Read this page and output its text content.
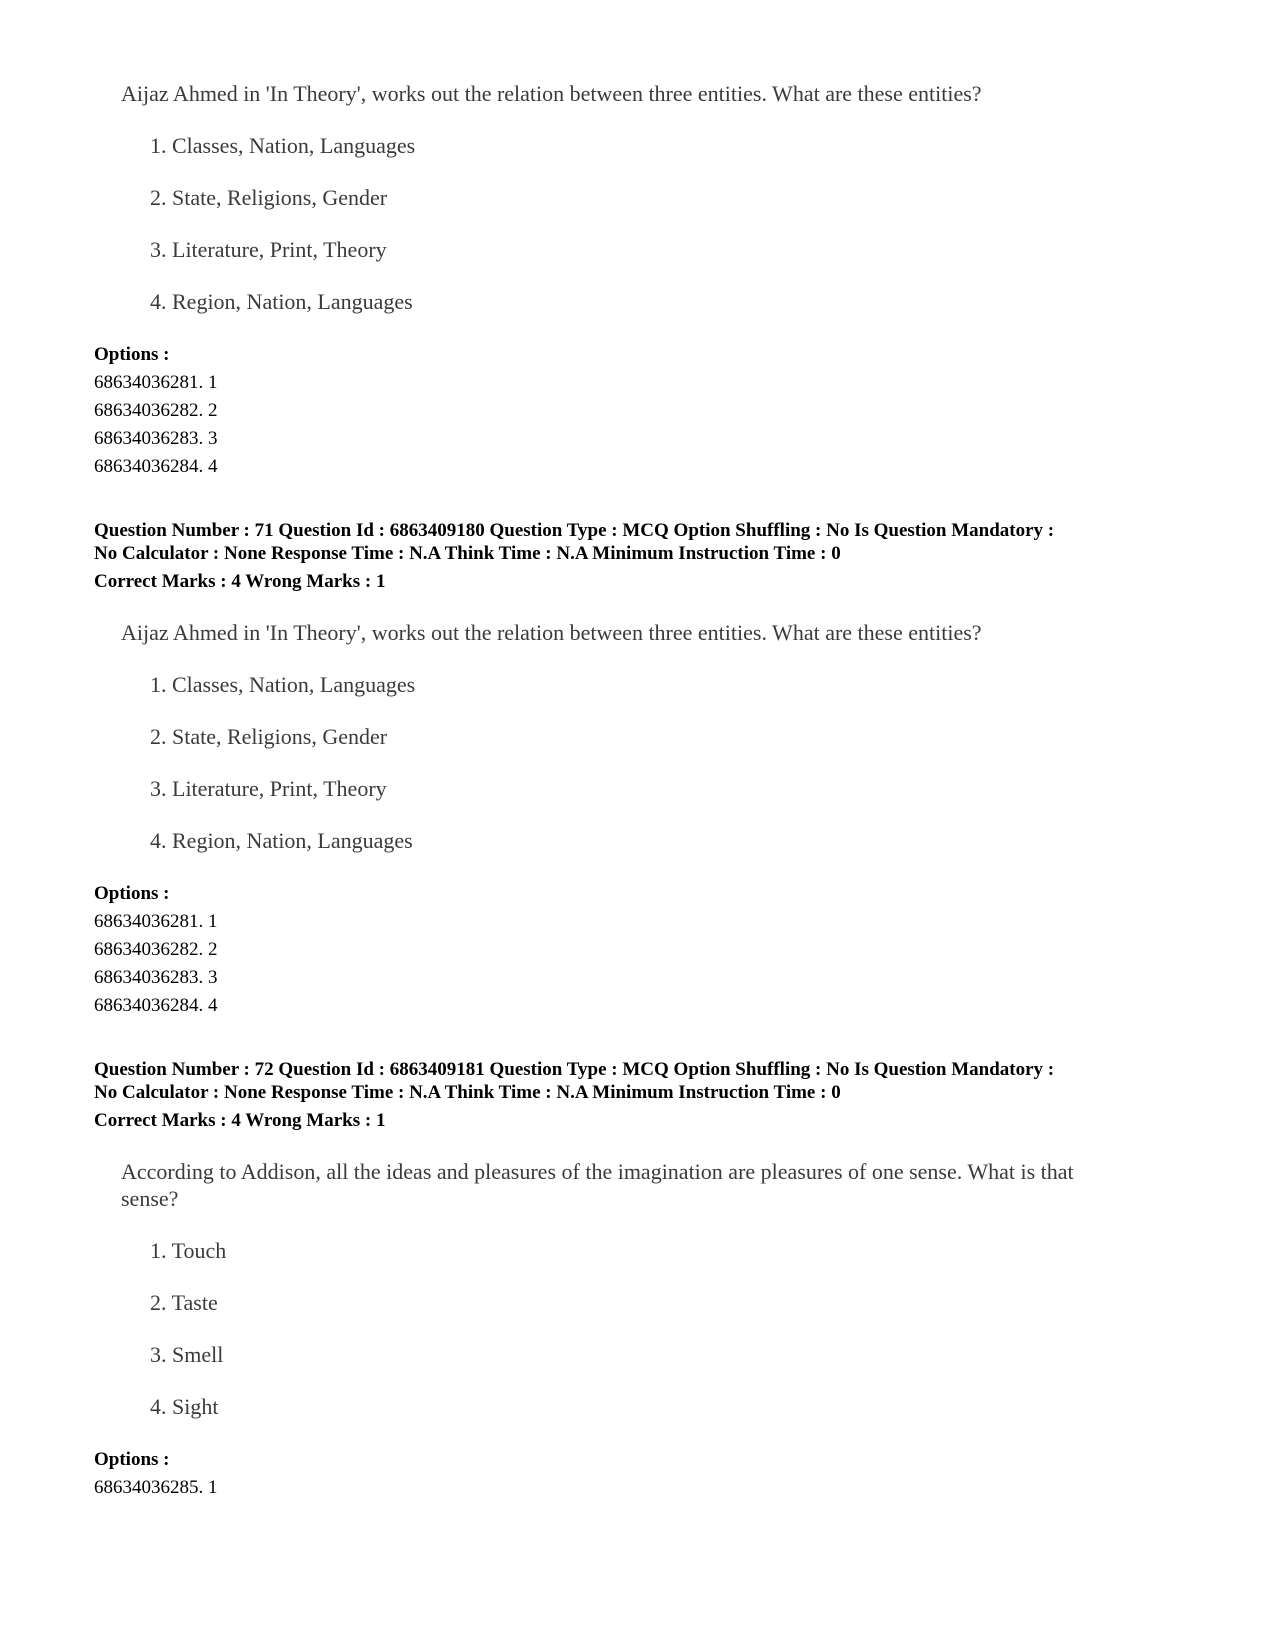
Aijaz Ahmed in 'In Theory', works out the relation between three entities. What are these entities?
1. Classes, Nation, Languages
2. State, Religions, Gender
3. Literature, Print, Theory
4. Region, Nation, Languages
Options :
68634036281. 1
68634036282. 2
68634036283. 3
68634036284. 4
Question Number : 71 Question Id : 6863409180 Question Type : MCQ Option Shuffling : No Is Question Mandatory :
No Calculator : None Response Time : N.A Think Time : N.A Minimum Instruction Time : 0
Correct Marks : 4 Wrong Marks : 1
Aijaz Ahmed in 'In Theory', works out the relation between three entities. What are these entities?
1. Classes, Nation, Languages
2. State, Religions, Gender
3. Literature, Print, Theory
4. Region, Nation, Languages
Options :
68634036281. 1
68634036282. 2
68634036283. 3
68634036284. 4
Question Number : 72 Question Id : 6863409181 Question Type : MCQ Option Shuffling : No Is Question Mandatory :
No Calculator : None Response Time : N.A Think Time : N.A Minimum Instruction Time : 0
Correct Marks : 4 Wrong Marks : 1
According to Addison, all the ideas and pleasures of the imagination are pleasures of one sense. What is that
sense?
1. Touch
2. Taste
3. Smell
4. Sight
Options :
68634036285. 1
